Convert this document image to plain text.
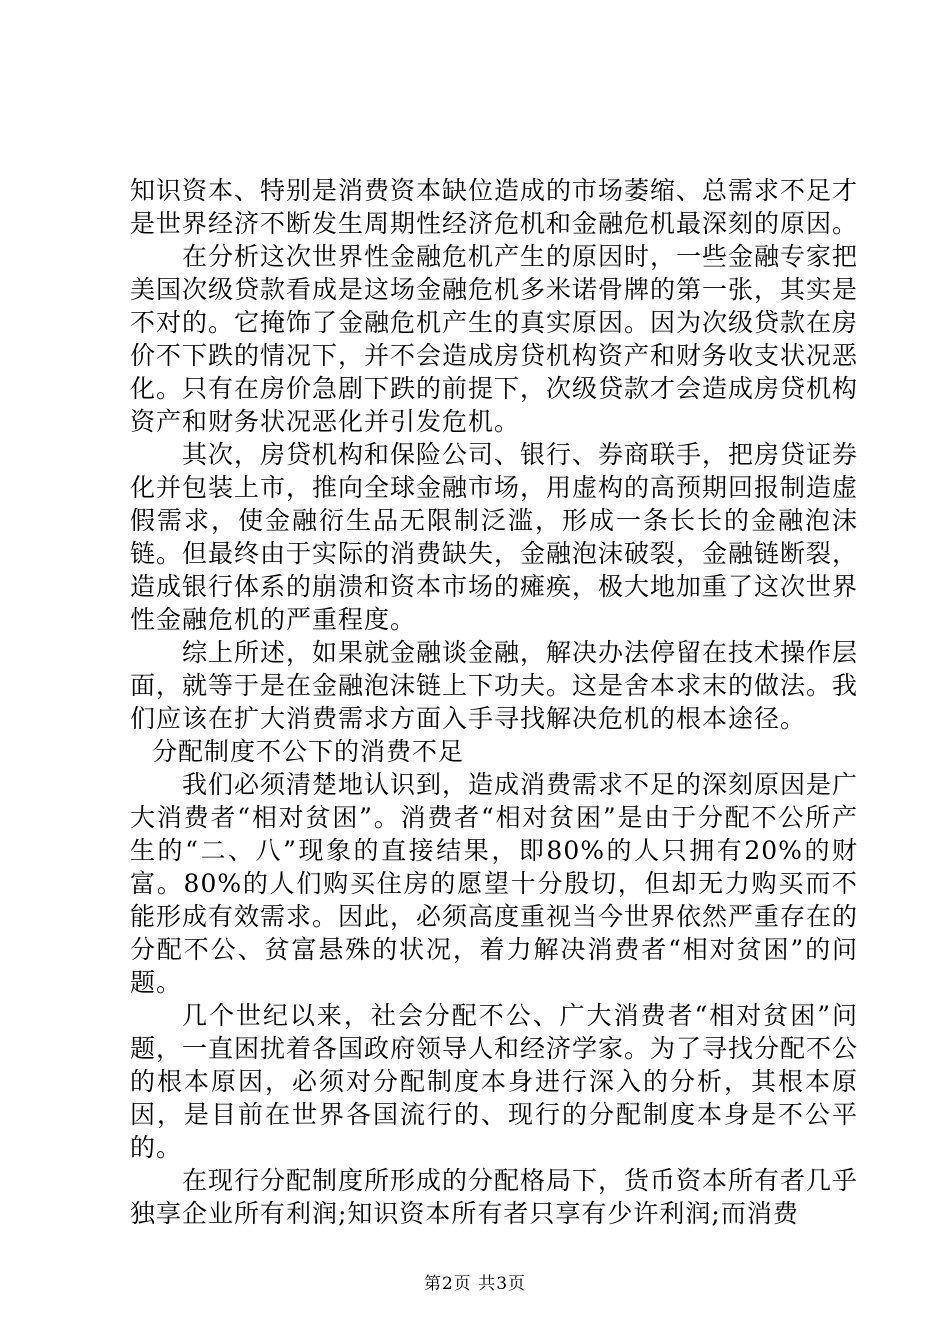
知识资本、特别是消费资本缺位造成的市场萎缩、总需求不足才是世界经济不断发生周期性经济危机和金融危机最深刻的原因。

在分析这次世界性金融危机产生的原因时，一些金融专家把美国次级贷款看成是这场金融危机多米诺骨牌的第一张，其实是不对的。它掩饰了金融危机产生的真实原因。因为次级贷款在房价不下跌的情况下，并不会造成房贷机构资产和财务收支状况恶化。只有在房价急剧下跌的前提下，次级贷款才会造成房贷机构资产和财务状况恶化并引发危机。

其次，房贷机构和保险公司、银行、券商联手，把房贷证券化并包装上市，推向全球金融市场，用虚构的高预期回报制造虚假需求，使金融衍生品无限制泛滥，形成一条长长的金融泡沫链。但最终由于实际的消费缺失，金融泡沫破裂，金融链断裂，造成银行体系的崩溃和资本市场的瘫痪，极大地加重了这次世界性金融危机的严重程度。

综上所述，如果就金融谈金融，解决办法停留在技术操作层面，就等于是在金融泡沫链上下功夫。这是舍本求末的做法。我们应该在扩大消费需求方面入手寻找解决危机的根本途径。

分配制度不公下的消费不足

我们必须清楚地认识到，造成消费需求不足的深刻原因是广大消费者“相对贫困”。消费者“相对贫困”是由于分配不公所产生的“二、八”现象的直接结果，即80%的人只拥有20%的财富。80%的人们购买住房的愿望十分殷切，但却无力购买而不能形成有效需求。因此，必须高度重视当今世界依然严重存在的分配不公、贫富悬殊的状况，着力解决消费者“相对贫困”的问题。

几个世纪以来，社会分配不公、广大消费者“相对贫困”问题，一直困扰着各国政府领导人和经济学家。为了寻找分配不公的根本原因，必须对分配制度本身进行深入的分析，其根本原因，是目前在世界各国流行的、现行的分配制度本身是不公平的。

在现行分配制度所形成的分配格局下，货币资本所有者几乎独享企业所有利润;知识资本所有者只享有少许利润;而消费

第2页 共3页
